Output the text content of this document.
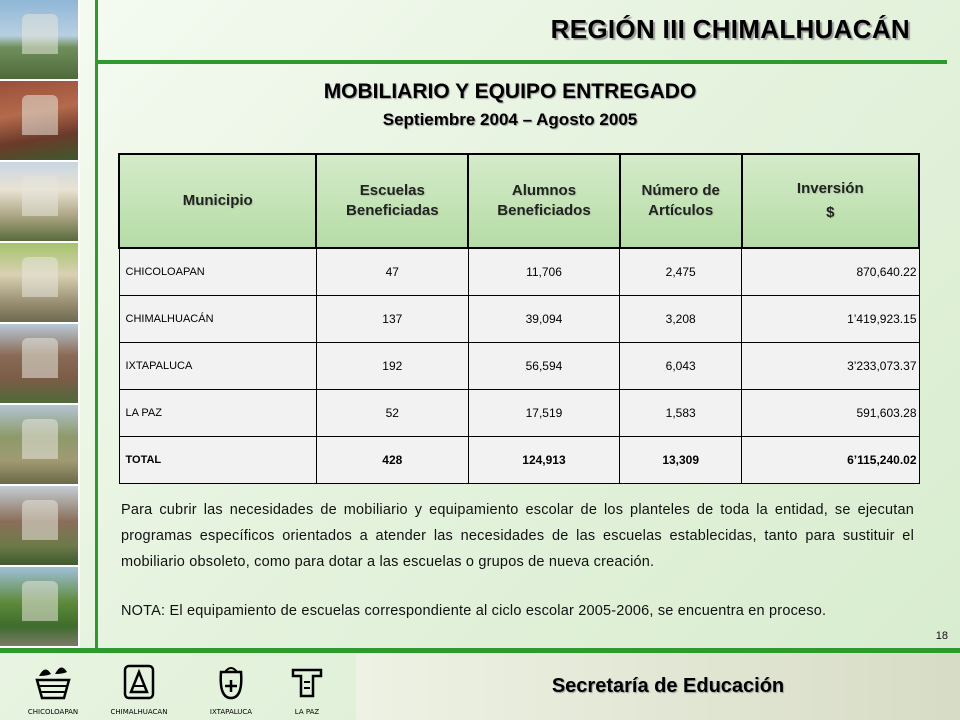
REGIÓN III CHIMALHUACÁN
MOBILIARIO Y EQUIPO ENTREGADO
Septiembre 2004 – Agosto 2005
Municipio	Escuelas Beneficiadas	Alumnos Beneficiados	Número de Artículos	Inversión
$

CHICOLOAPAN	47	11,706	2,475	870,640.22
CHIMALHUACÁN	137	39,094	3,208	1’419,923.15
IXTAPALUCA	192	56,594	6,043	3’233,073.37
LA PAZ	52	17,519	1,583	591,603.28
TOTAL	428	124,913	13,309	6’115,240.02

Para cubrir las necesidades de mobiliario y equipamiento escolar de los planteles de toda la entidad, se ejecutan programas específicos orientados a atender las necesidades de las escuelas establecidas, tanto para sustituir el mobiliario obsoleto, como para dotar a las escuelas o grupos de nueva creación.

NOTA: El equipamiento de escuelas correspondiente al ciclo escolar 2005-2006, se encuentra en proceso.

18
CHICOLOAPAN	CHIMALHUACAN	IXTAPALUCA	LA PAZ
Secretaría de Educación
